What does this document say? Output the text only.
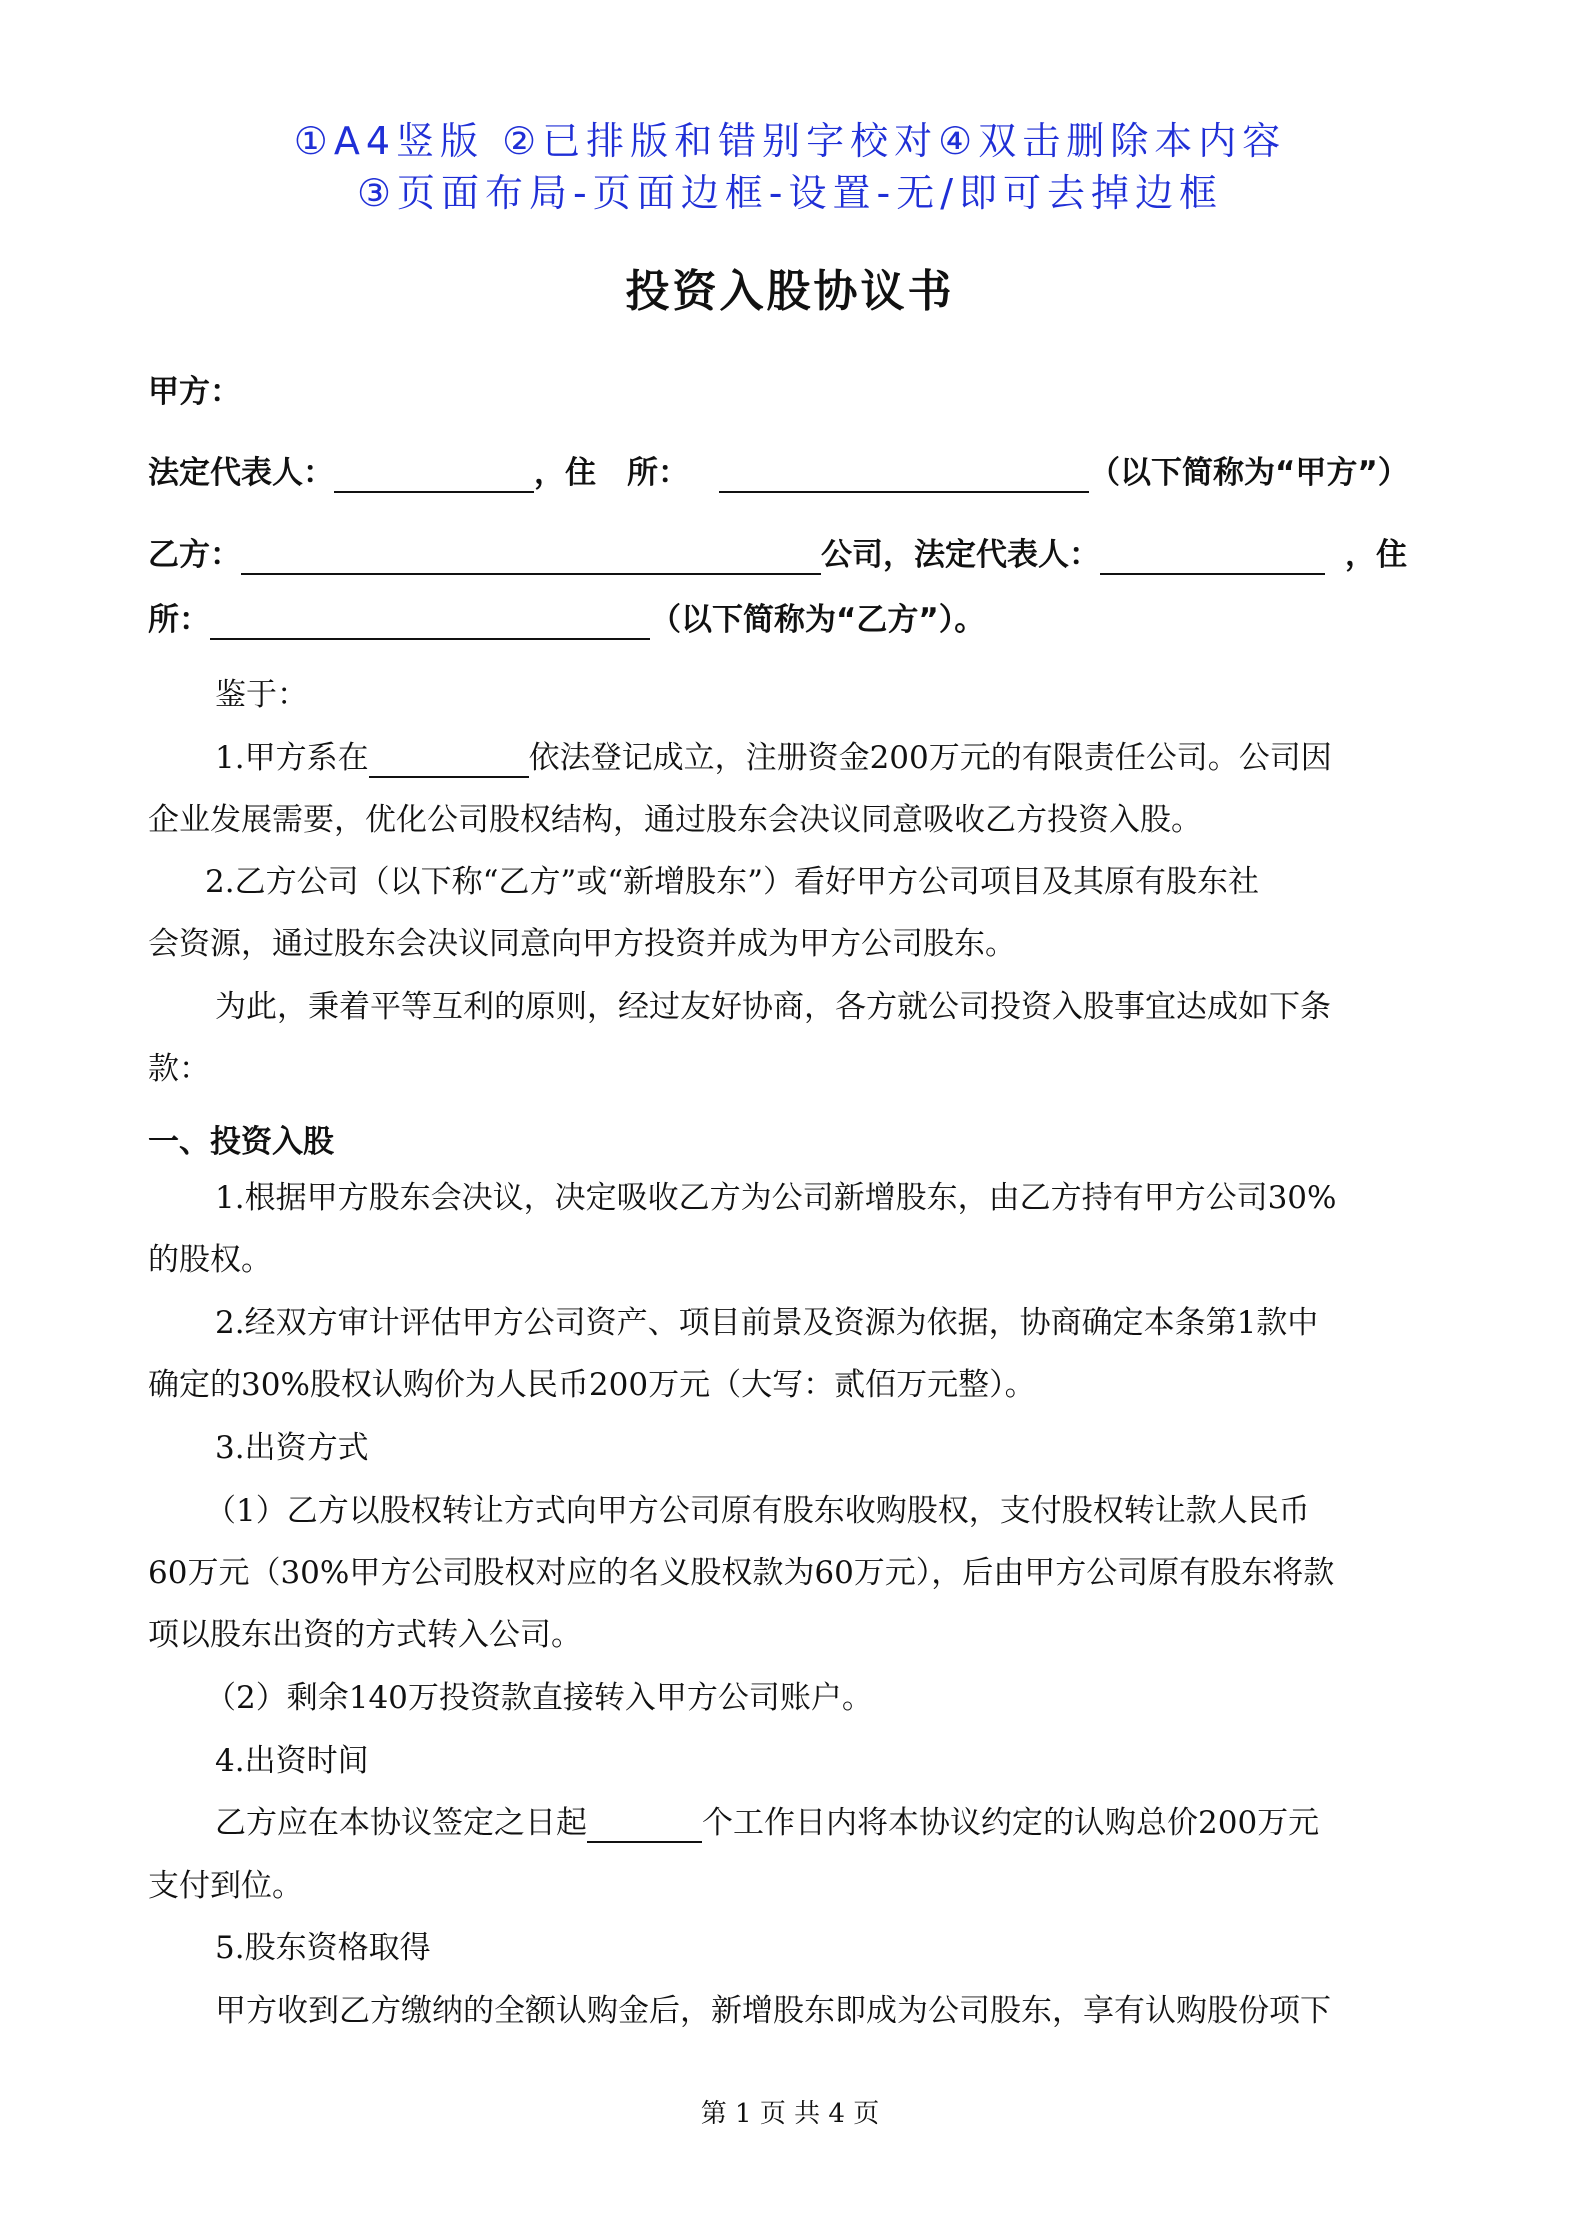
①A4竖版 ②已排版和错别字校对④双击删除本内容
③页面布局-页面边框-设置-无/即可去掉边框
投资入股协议书
甲方：
法定代表人：	，住　所：	（以下简称为“甲方”）
乙方：	公司，法定代表人：	，住
所：	（以下简称为“乙方”）。
鉴于：
1.甲方系在	依法登记成立，注册资金200万元的有限责任公司。公司因
企业发展需要，优化公司股权结构，通过股东会决议同意吸收乙方投资入股。
2.乙方公司（以下称“乙方”或“新增股东”）看好甲方公司项目及其原有股东社
会资源，通过股东会决议同意向甲方投资并成为甲方公司股东。
为此，秉着平等互利的原则，经过友好协商，各方就公司投资入股事宜达成如下条
款：
一、投资入股
1.根据甲方股东会决议，决定吸收乙方为公司新增股东，由乙方持有甲方公司30%
的股权。
2.经双方审计评估甲方公司资产、项目前景及资源为依据，协商确定本条第1款中
确定的30%股权认购价为人民币200万元（大写：贰佰万元整）。
3.出资方式
（1）乙方以股权转让方式向甲方公司原有股东收购股权，支付股权转让款人民币
60万元（30%甲方公司股权对应的名义股权款为60万元），后由甲方公司原有股东将款
项以股东出资的方式转入公司。
（2）剩余140万投资款直接转入甲方公司账户。
4.出资时间
乙方应在本协议签定之日起	个工作日内将本协议约定的认购总价200万元
支付到位。
5.股东资格取得
甲方收到乙方缴纳的全额认购金后，新增股东即成为公司股东，享有认购股份项下
第 1 页 共 4 页
